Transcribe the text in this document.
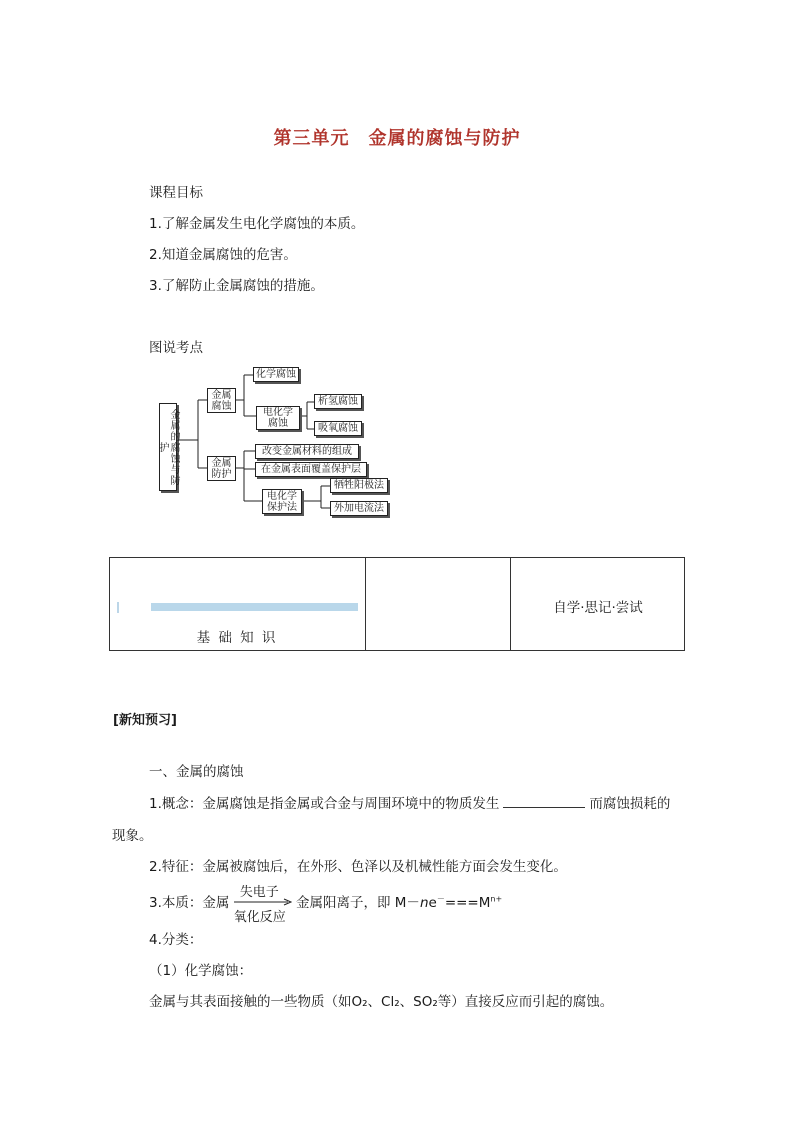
第三单元　金属的腐蚀与防护
课程目标
1.了解金属发生电化学腐蚀的本质。
2.知道金属腐蚀的危害。
3.了解防止金属腐蚀的措施。
图说考点
金属的腐蚀与防护
金属腐蚀
化学腐蚀
电化学腐蚀
析氢腐蚀
吸氧腐蚀
金属防护
改变金属材料的组成
在金属表面覆盖保护层
电化学保护法
牺牲阳极法
外加电流法
基 础 知 识
自学·思记·尝试
[新知预习]
一、金属的腐蚀
1.概念：金属腐蚀是指金属或合金与周围环境中的物质发生	而腐蚀损耗的
现象。
2.特征：金属被腐蚀后，在外形、色泽以及机械性能方面会发生变化。
3.本质：金属
失电子
氧化反应
金属阳离子，即 $M-ne^-===M^{n+}$
4.分类：
（1）化学腐蚀：
金属与其表面接触的一些物质（如O₂、Cl₂、SO₂等）直接反应而引起的腐蚀。
